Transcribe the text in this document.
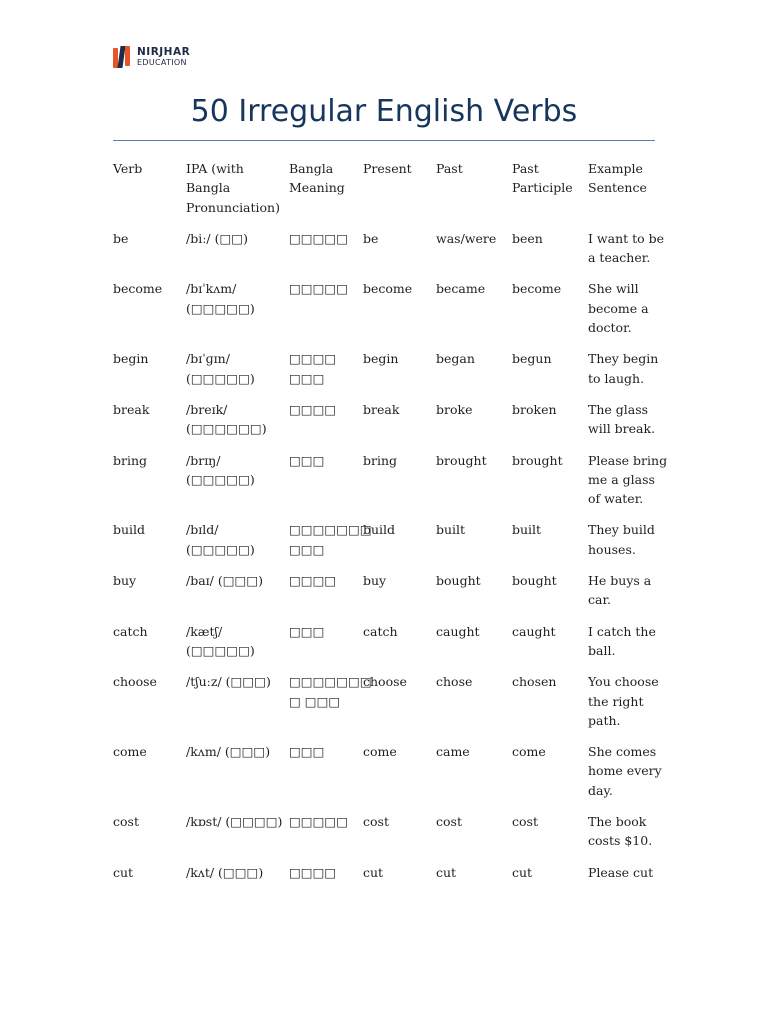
NIRJHAR
EDUCATION
50 Irregular English Verbs
Verb	IPA (with Bangla Pronunciation)	Bangla Meaning	Present	Past	Past Participle	Example Sentence
be	/biː/ (□□)	□□□□□	be	was/were	been	I want to be a teacher.
become	/bɪˈkʌm/ (□□□□□)	□□□□□	become	became	become	She will become a doctor.
begin	/bɪˈɡɪn/ (□□□□□)	□□□□ □□□	begin	began	begun	They begin to laugh.
break	/breɪk/ (□□□□□□)	□□□□	break	broke	broken	The glass will break.
bring	/brɪŋ/ (□□□□□)	□□□	bring	brought	brought	Please bring me a glass of water.
build	/bɪld/ (□□□□□)	□□□□□□□ □□□	build	built	built	They build houses.
buy	/baɪ/ (□□□)	□□□□	buy	bought	bought	He buys a car.
catch	/kætʃ/ (□□□□□)	□□□	catch	caught	caught	I catch the ball.
choose	/tʃuːz/ (□□□)	□□□□□□□ □ □□□	choose	chose	chosen	You choose the right path.
come	/kʌm/ (□□□)	□□□	come	came	come	She comes home every day.
cost	/kɒst/ (□□□□)	□□□□□	cost	cost	cost	The book costs $10.
cut	/kʌt/ (□□□)	□□□□	cut	cut	cut	Please cut
